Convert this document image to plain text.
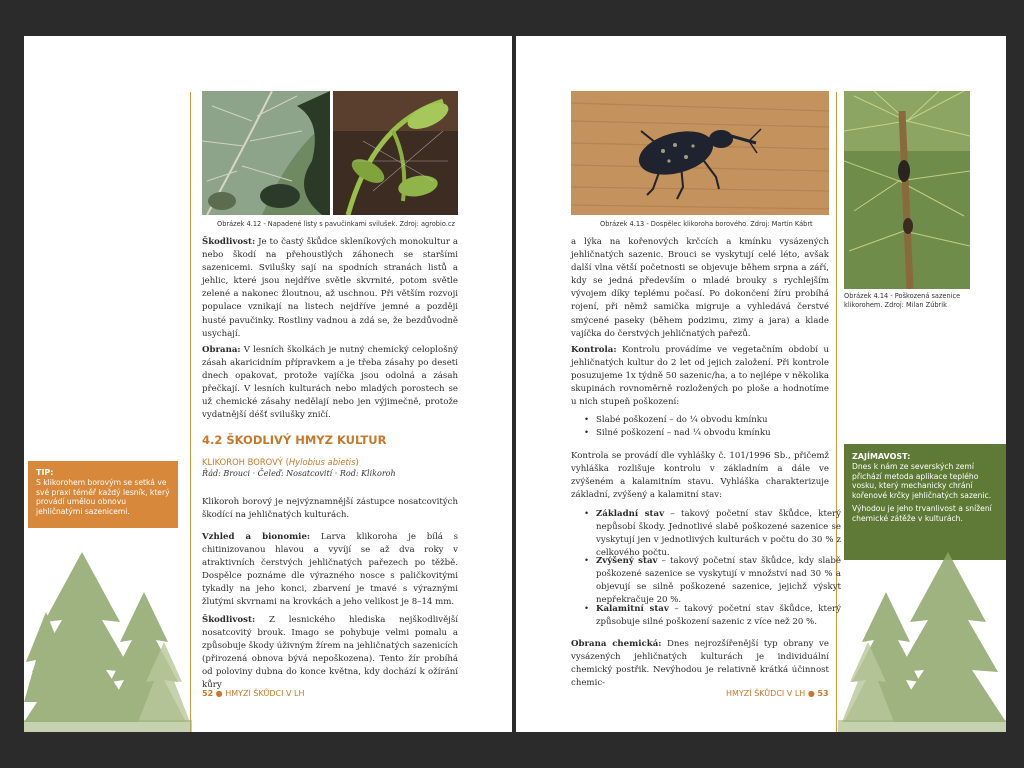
Obrázek 4.12 - Napadené listy s pavučinkami svilušek. Zdroj: agrobio.cz

Škodlivost: Je to častý škůdce skleníkových monokultur a nebo škodí na přehoustlých záhonech se staršími sazenicemi. Svilušky sají na spodních stranách listů a jehlic, které jsou nejdříve světle skvrnité, potom světle zelené a nakonec žloutnou, až uschnou. Při větším rozvoji populace vznikají na listech nejdříve jemné a později husté pavučinky. Rostliny vadnou a zdá se, že bezdůvodně usychají.

Obrana: V lesních školkách je nutný chemický celoplošný zásah akaricidním přípravkem a je třeba zásahy po deseti dnech opakovat, protože vajíčka jsou odolná a zásah přečkají. V lesních kulturách nebo mladých porostech se už chemické zásahy nedělají nebo jen výjimečně, protože vydatnější déšť svilušky zničí.

4.2 ŠKODLIVÝ HMYZ KULTUR

KLIKOROH BOROVÝ (Hylobius abietis)

Řád: Brouci · Čeleď: Nosatcovití · Rod: Klikoroh

Klikoroh borový je nejvýznamnější zástupce nosatcovitých škodící na jehličnatých kulturách.

Vzhled a bionomie: Larva klikoroha je bílá s chitinizovanou hlavou a vyvíjí se až dva roky v atraktivních čerstvých jehličnatých pařezech po těžbě. Dospělce poznáme dle výrazného nosce s paličkovitými tykadly na jeho konci, zbarvení je tmavé s výraznými žlutými skvrnami na krovkách a jeho velikost je 8–14 mm.

Škodlivost: Z lesnického hlediska nejškodlivější nosatcovitý brouk. Imago se pohybuje velmi pomalu a způsobuje škody úživným žírem na jehličnatých sazenicích (přirozená obnova bývá nepoškozena). Tento žír probíhá od poloviny dubna do konce května, kdy dochází k ožírání kůry

TIP:

S klikorohem borovým se setká ve své praxi téměř každý lesník, který provádí umělou obnovu jehličnatými sazenicemi.

52 ● HMYZÍ ŠKŮDCI V LH
Obrázek 4.13 - Dospělec klikoroha borového. Zdroj: Martin Kábrt
Obrázek 4.14 - Poškozená sazenice klikorohem. Zdroj: Milan Zúbrik

a lýka na kořenových krčcích a kmínku vysázených jehličnatých sazenic. Brouci se vyskytují celé léto, avšak další vlna větší početnosti se objevuje během srpna a září, kdy se jedná především o mladé brouky s rychlejším vývojem díky teplému počasí. Po dokončení žíru probíhá rojení, při němž samička migruje a vyhledává čerstvé smýcené paseky (během podzimu, zimy a jara) a klade vajíčka do čerstvých jehličnatých pařezů.

Kontrola: Kontrolu provádíme ve vegetačním období u jehličnatých kultur do 2 let od jejich založení. Při kontrole posuzujeme 1x týdně 50 sazenic/ha, a to nejlépe v několika skupinách rovnoměrně rozložených po ploše a hodnotíme u nich stupeň poškození:

• Slabé poškození – do ¼ obvodu kmínku

• Silné poškození – nad ¼ obvodu kmínku

Kontrola se provádí dle vyhlášky č. 101/1996 Sb., přičemž vyhláška rozlišuje kontrolu v základním a dále ve zvýšeném a kalamitním stavu. Vyhláška charakterizuje základní, zvýšený a kalamitní stav:

• Základní stav – takový početní stav škůdce, který nepůsobí škody. Jednotlivé slabě poškozené sazenice se vyskytují jen v jednotlivých kulturách v počtu do 30 % z celkového počtu.

• Zvýšený stav – takový početní stav škůdce, kdy slabě poškozené sazenice se vyskytují v množství nad 30 % a objevují se silně poškozené sazenice, jejichž výskyt nepřekračuje 20 %.

• Kalamitní stav – takový početní stav škůdce, který způsobuje silné poškození sazenic z více než 20 %.

Obrana chemická: Dnes nejrozšířenější typ obrany ve vysázených jehličnatých kulturách je individuální chemický postřik. Nevýhodou je relativně krátká účinnost chemic-

ZAJÍMAVOST:

Dnes k nám ze severských zemí přichází metoda aplikace teplého vosku, který mechanicky chrání kořenové krčky jehličnatých sazenic.

Výhodou je jeho trvanlivost a snížení chemické zátěže v kulturách.

HMYZÍ ŠKŮDCI V LH ● 53
